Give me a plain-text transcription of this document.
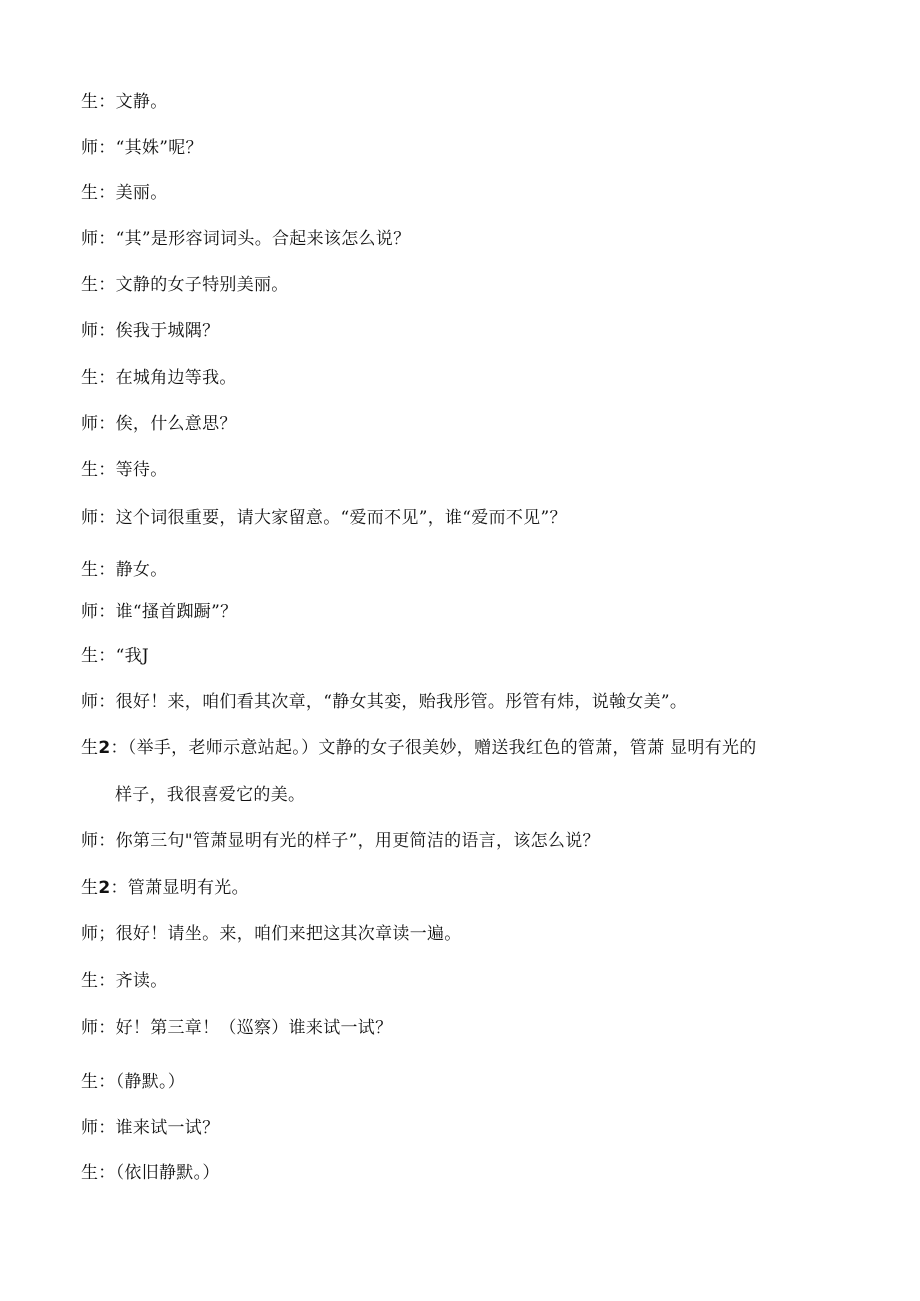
生：文静。
师：“其姝”呢？
生：美丽。
师：“其”是形容词词头。合起来该怎么说？
生：文静的女子特别美丽。
师：俟我于城隅？
生：在城角边等我。
师：俟，什么意思？
生：等待。
师：这个词很重要，请大家留意。“爱而不见”，谁“爱而不见”？
生：静女。
师：谁“搔首踟蹰”？
生：“我J
师：很好！来，咱们看其次章，“静女其娈，贻我彤管。彤管有炜，说螒女美”。
生2：（举手，老师示意站起。）文静的女子很美妙，赠送我红色的管萧，管萧 显明有光的
样子，我很喜爱它的美。
师：你第三句"管萧显明有光的样子”，用更简洁的语言，该怎么说？
生2：管萧显明有光。
师；很好！请坐。来，咱们来把这其次章读一遍。
生：齐读。
师：好！第三章！（巡察）谁来试一试？
生：（静默。）
师：谁来试一试？
生：（依旧静默。）
